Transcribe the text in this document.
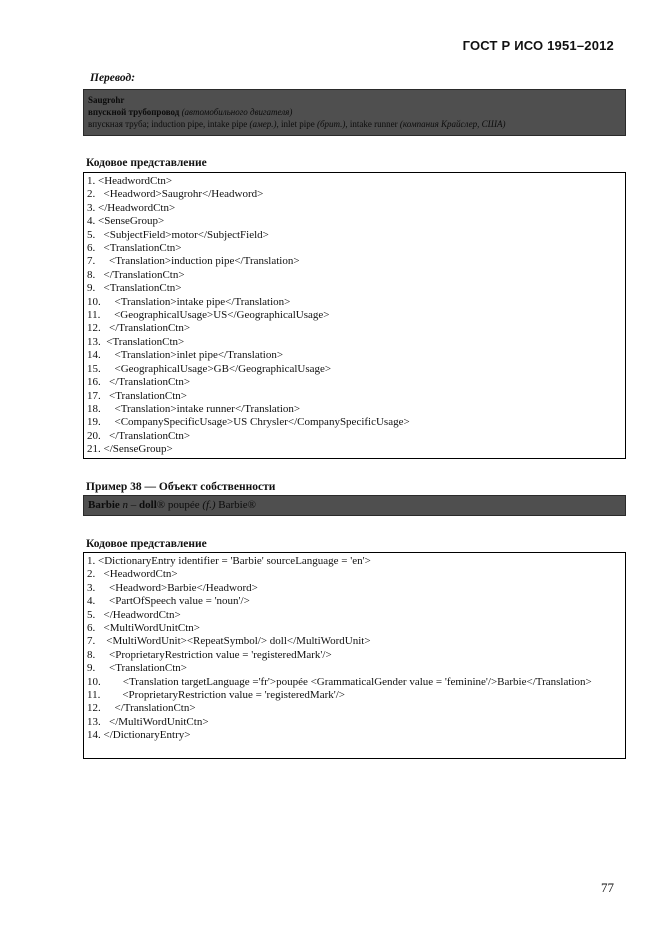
ГОСТ Р ИСО 1951–2012
Перевод:
Saugrohr
впускной трубопровод (автомобильного двигателя)
впускная труба; induction pipe, intake pipe (амер.), inlet pipe (брит.), intake runner (компания Крайслер, США)
Кодовое представление
1. <HeadwordCtn>
2.   <Headword>Saugrohr</Headword>
3. </HeadwordCtn>
4. <SenseGroup>
5.   <SubjectField>motor</SubjectField>
6.   <TranslationCtn>
7.     <Translation>induction pipe</Translation>
8.   </TranslationCtn>
9.   <TranslationCtn>
10.     <Translation>intake pipe</Translation>
11.     <GeographicalUsage>US</GeographicalUsage>
12.   </TranslationCtn>
13.  <TranslationCtn>
14.     <Translation>inlet pipe</Translation>
15.     <GeographicalUsage>GB</GeographicalUsage>
16.   </TranslationCtn>
17.   <TranslationCtn>
18.     <Translation>intake runner</Translation>
19.     <CompanySpecificUsage>US Chrysler</CompanySpecificUsage>
20.   </TranslationCtn>
21. </SenseGroup>
Пример 38 — Объект собственности
Barbie n – doll® poupée (f.) Barbie®
Кодовое представление
1. <DictionaryEntry identifier = 'Barbie' sourceLanguage = 'en'>
2.   <HeadwordCtn>
3.     <Headword>Barbie</Headword>
4.     <PartOfSpeech value = 'noun'/>
5.   </HeadwordCtn>
6.   <MultiWordUnitCtn>
7.    <MultiWordUnit><RepeatSymbol/> doll</MultiWordUnit>
8.     <ProprietaryRestriction value = 'registeredMark'/>
9.     <TranslationCtn>
10.        <Translation targetLanguage ='fr'>poupée <GrammaticalGender value = 'feminine'/>Barbie</Translation>
11.        <ProprietaryRestriction value = 'registeredMark'/>
12.     </TranslationCtn>
13.   </MultiWordUnitCtn>
14. </DictionaryEntry>
77
